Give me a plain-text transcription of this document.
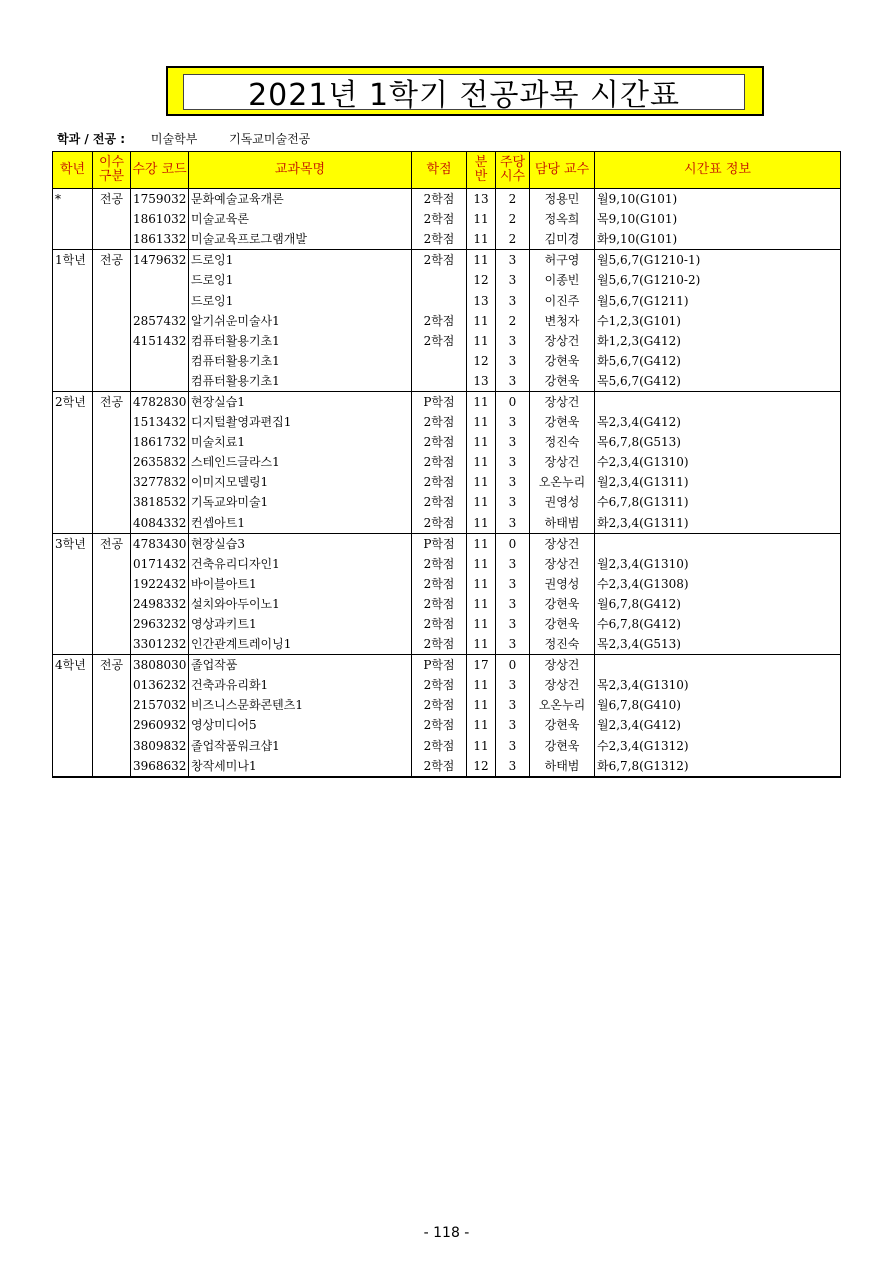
2021년 1학기 전공과목 시간표
학과 / 전공 : 미술학부	기독교미술전공
학년	이수 구분	수강 코드	교과목명	학점	분 반	주당 시수	담당 교수	시간표 정보
*	전공	1759032	문화예술교육개론	2학점	13	2	정용민	월9,10(G101)
		1861032	미술교육론	2학점	11	2	정옥희	목9,10(G101)
		1861332	미술교육프로그램개발	2학점	11	2	김미경	화9,10(G101)
1학년	전공	1479632	드로잉1	2학점	11	3	허구영	월5,6,7(G1210-1)
			드로잉1		12	3	이종빈	월5,6,7(G1210-2)
			드로잉1		13	3	이진주	월5,6,7(G1211)
		2857432	알기쉬운미술사1	2학점	11	2	변청자	수1,2,3(G101)
		4151432	컴퓨터활용기초1	2학점	11	3	장상건	화1,2,3(G412)
			컴퓨터활용기초1		12	3	강현욱	화5,6,7(G412)
			컴퓨터활용기초1		13	3	강현욱	목5,6,7(G412)
2학년	전공	4782830	현장실습1	P학점	11	0	장상건	
		1513432	디지털촬영과편집1	2학점	11	3	강현욱	목2,3,4(G412)
		1861732	미술치료1	2학점	11	3	정진숙	목6,7,8(G513)
		2635832	스테인드글라스1	2학점	11	3	장상건	수2,3,4(G1310)
		3277832	이미지모델링1	2학점	11	3	오온누리	월2,3,4(G1311)
		3818532	기독교와미술1	2학점	11	3	권영성	수6,7,8(G1311)
		4084332	컨셉아트1	2학점	11	3	하태범	화2,3,4(G1311)
3학년	전공	4783430	현장실습3	P학점	11	0	장상건	
		0171432	건축유리디자인1	2학점	11	3	장상건	월2,3,4(G1310)
		1922432	바이블아트1	2학점	11	3	권영성	수2,3,4(G1308)
		2498332	설치와아두이노1	2학점	11	3	강현욱	월6,7,8(G412)
		2963232	영상과키트1	2학점	11	3	강현욱	수6,7,8(G412)
		3301232	인간관계트레이닝1	2학점	11	3	정진숙	목2,3,4(G513)
4학년	전공	3808030	졸업작품	P학점	17	0	장상건	
		0136232	건축과유리화1	2학점	11	3	장상건	목2,3,4(G1310)
		2157032	비즈니스문화콘텐츠1	2학점	11	3	오온누리	월6,7,8(G410)
		2960932	영상미디어5	2학점	11	3	강현욱	월2,3,4(G412)
		3809832	졸업작품워크샵1	2학점	11	3	강현욱	수2,3,4(G1312)
		3968632	창작세미나1	2학점	12	3	하태범	화6,7,8(G1312)
- 118 -
